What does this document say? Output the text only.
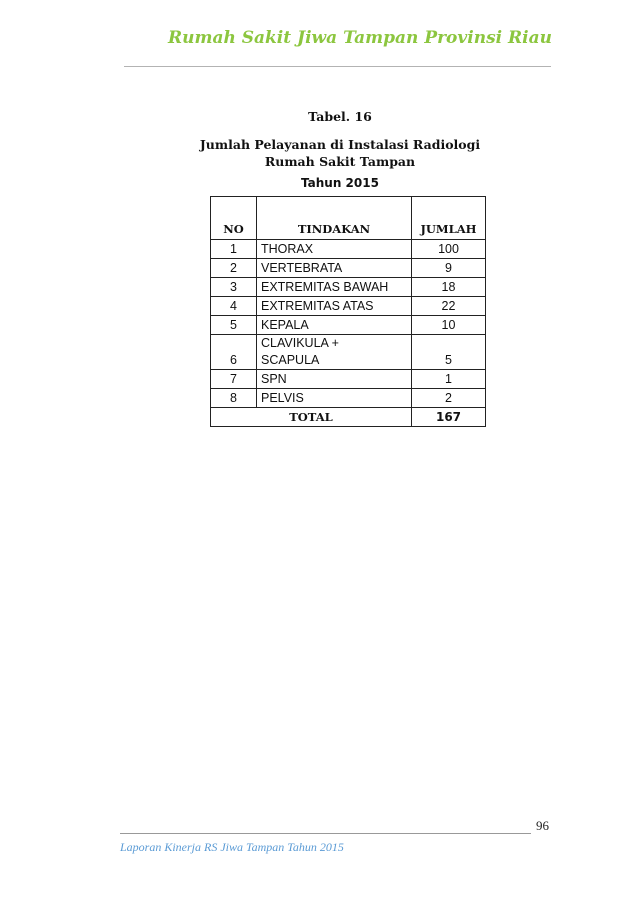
Rumah Sakit Jiwa Tampan Provinsi Riau
Tabel. 16
Jumlah Pelayanan di Instalasi Radiologi
Rumah Sakit Tampan
Tahun 2015
NO	TINDAKAN	JUMLAH
1	THORAX	100
2	VERTEBRATA	9
3	EXTREMITAS BAWAH	18
4	EXTREMITAS ATAS	22
5	KEPALA	10
6	CLAVIKULA +
SCAPULA	5
7	SPN	1
8	PELVIS	2
TOTAL		167
96
Laporan Kinerja RS Jiwa Tampan Tahun 2015
